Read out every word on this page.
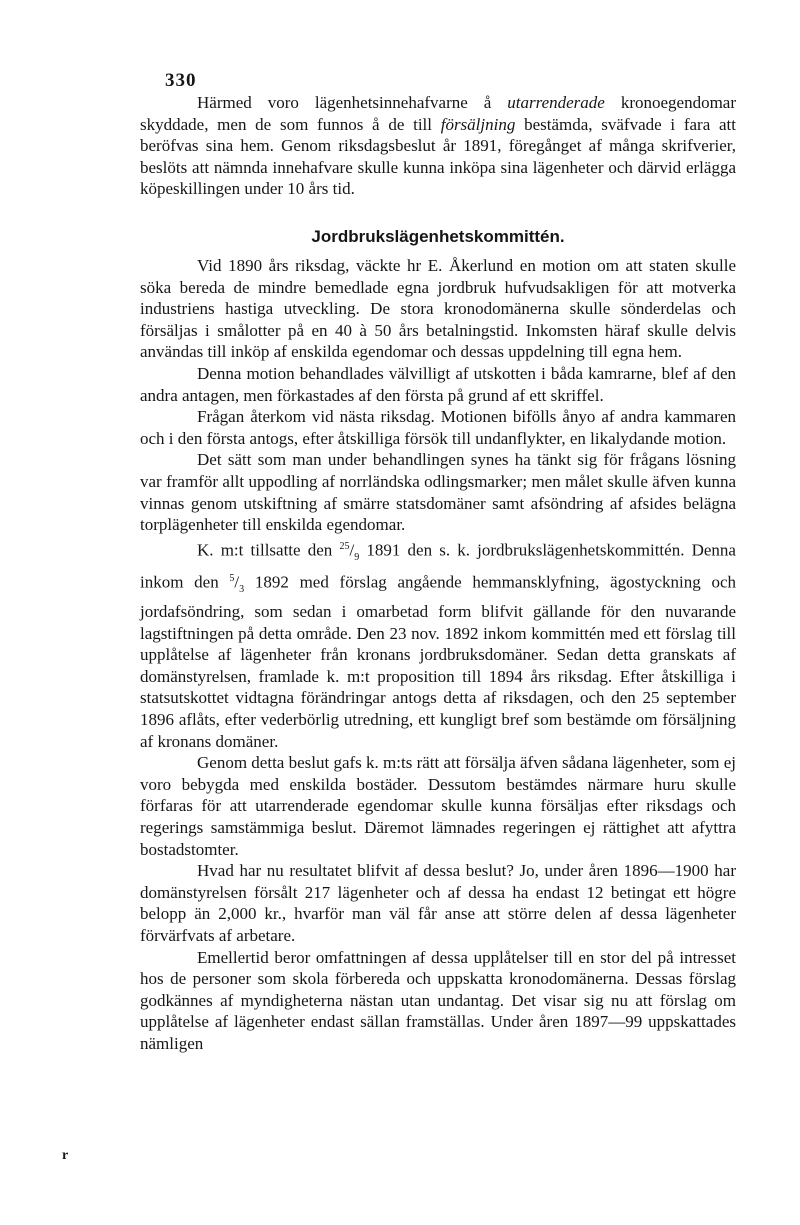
330

Härmed voro lägenhetsinnehafvarne å utarrenderade kronoegendomar skyddade, men de som funnos å de till försäljning bestämda, sväfvade i fara att beröfvas sina hem. Genom riksdagsbeslut år 1891, föregånget af många skrifverier, beslöts att nämnda innehafvare skulle kunna inköpa sina lägenheter och därvid erlägga köpeskillingen under 10 års tid.

Jordbrukslägenhetskommittén.

Vid 1890 års riksdag, väckte hr E. Åkerlund en motion om att staten skulle söka bereda de mindre bemedlade egna jordbruk hufvudsakligen för att motverka industriens hastiga utveckling. De stora kronodomänerna skulle sönderdelas och försäljas i smålotter på en 40 à 50 års betalningstid. Inkomsten häraf skulle delvis användas till inköp af enskilda egendomar och dessas uppdelning till egna hem.

Denna motion behandlades välvilligt af utskotten i båda kamrarne, blef af den andra antagen, men förkastades af den första på grund af ett skriffel.

Frågan återkom vid nästa riksdag. Motionen bifölls ånyo af andra kammaren och i den första antogs, efter åtskilliga försök till undanflykter, en likalydande motion.

Det sätt som man under behandlingen synes ha tänkt sig för frågans lösning var framför allt uppodling af norrländska odlingsmarker; men målet skulle äfven kunna vinnas genom utskiftning af smärre statsdomäner samt afsöndring af afsides belägna torplägenheter till enskilda egendomar.

K. m:t tillsatte den $^{25}/_9$ 1891 den s. k. jordbrukslägenhetskommittén. Denna inkom den $^5/_3$ 1892 med förslag angående hemmansklyfning, ägostyckning och jordafsöndring, som sedan i omarbetad form blifvit gällande för den nuvarande lagstiftningen på detta område. Den 23 nov. 1892 inkom kommittén med ett förslag till upplåtelse af lägenheter från kronans jordbruksdomäner. Sedan detta granskats af domänstyrelsen, framlade k. m:t proposition till 1894 års riksdag. Efter åtskilliga i statsutskottet vidtagna förändringar antogs detta af riksdagen, och den 25 september 1896 aflåts, efter vederbörlig utredning, ett kungligt bref som bestämde om försäljning af kronans domäner.

Genom detta beslut gafs k. m:ts rätt att försälja äfven sådana lägenheter, som ej voro bebygda med enskilda bostäder. Dessutom bestämdes närmare huru skulle förfaras för att utarrenderade egendomar skulle kunna försäljas efter riksdags och regerings samstämmiga beslut. Däremot lämnades regeringen ej rättighet att afyttra bostadstomter.

Hvad har nu resultatet blifvit af dessa beslut? Jo, under åren 1896—1900 har domänstyrelsen försålt 217 lägenheter och af dessa ha endast 12 betingat ett högre belopp än 2,000 kr., hvarför man väl får anse att större delen af dessa lägenheter förvärfvats af arbetare.

Emellertid beror omfattningen af dessa upplåtelser till en stor del på intresset hos de personer som skola förbereda och uppskatta kronodomänerna. Dessas förslag godkännes af myndigheterna nästan utan undantag. Det visar sig nu att förslag om upplåtelse af lägenheter endast sällan framställas. Under åren 1897—99 uppskattades nämligen

r
